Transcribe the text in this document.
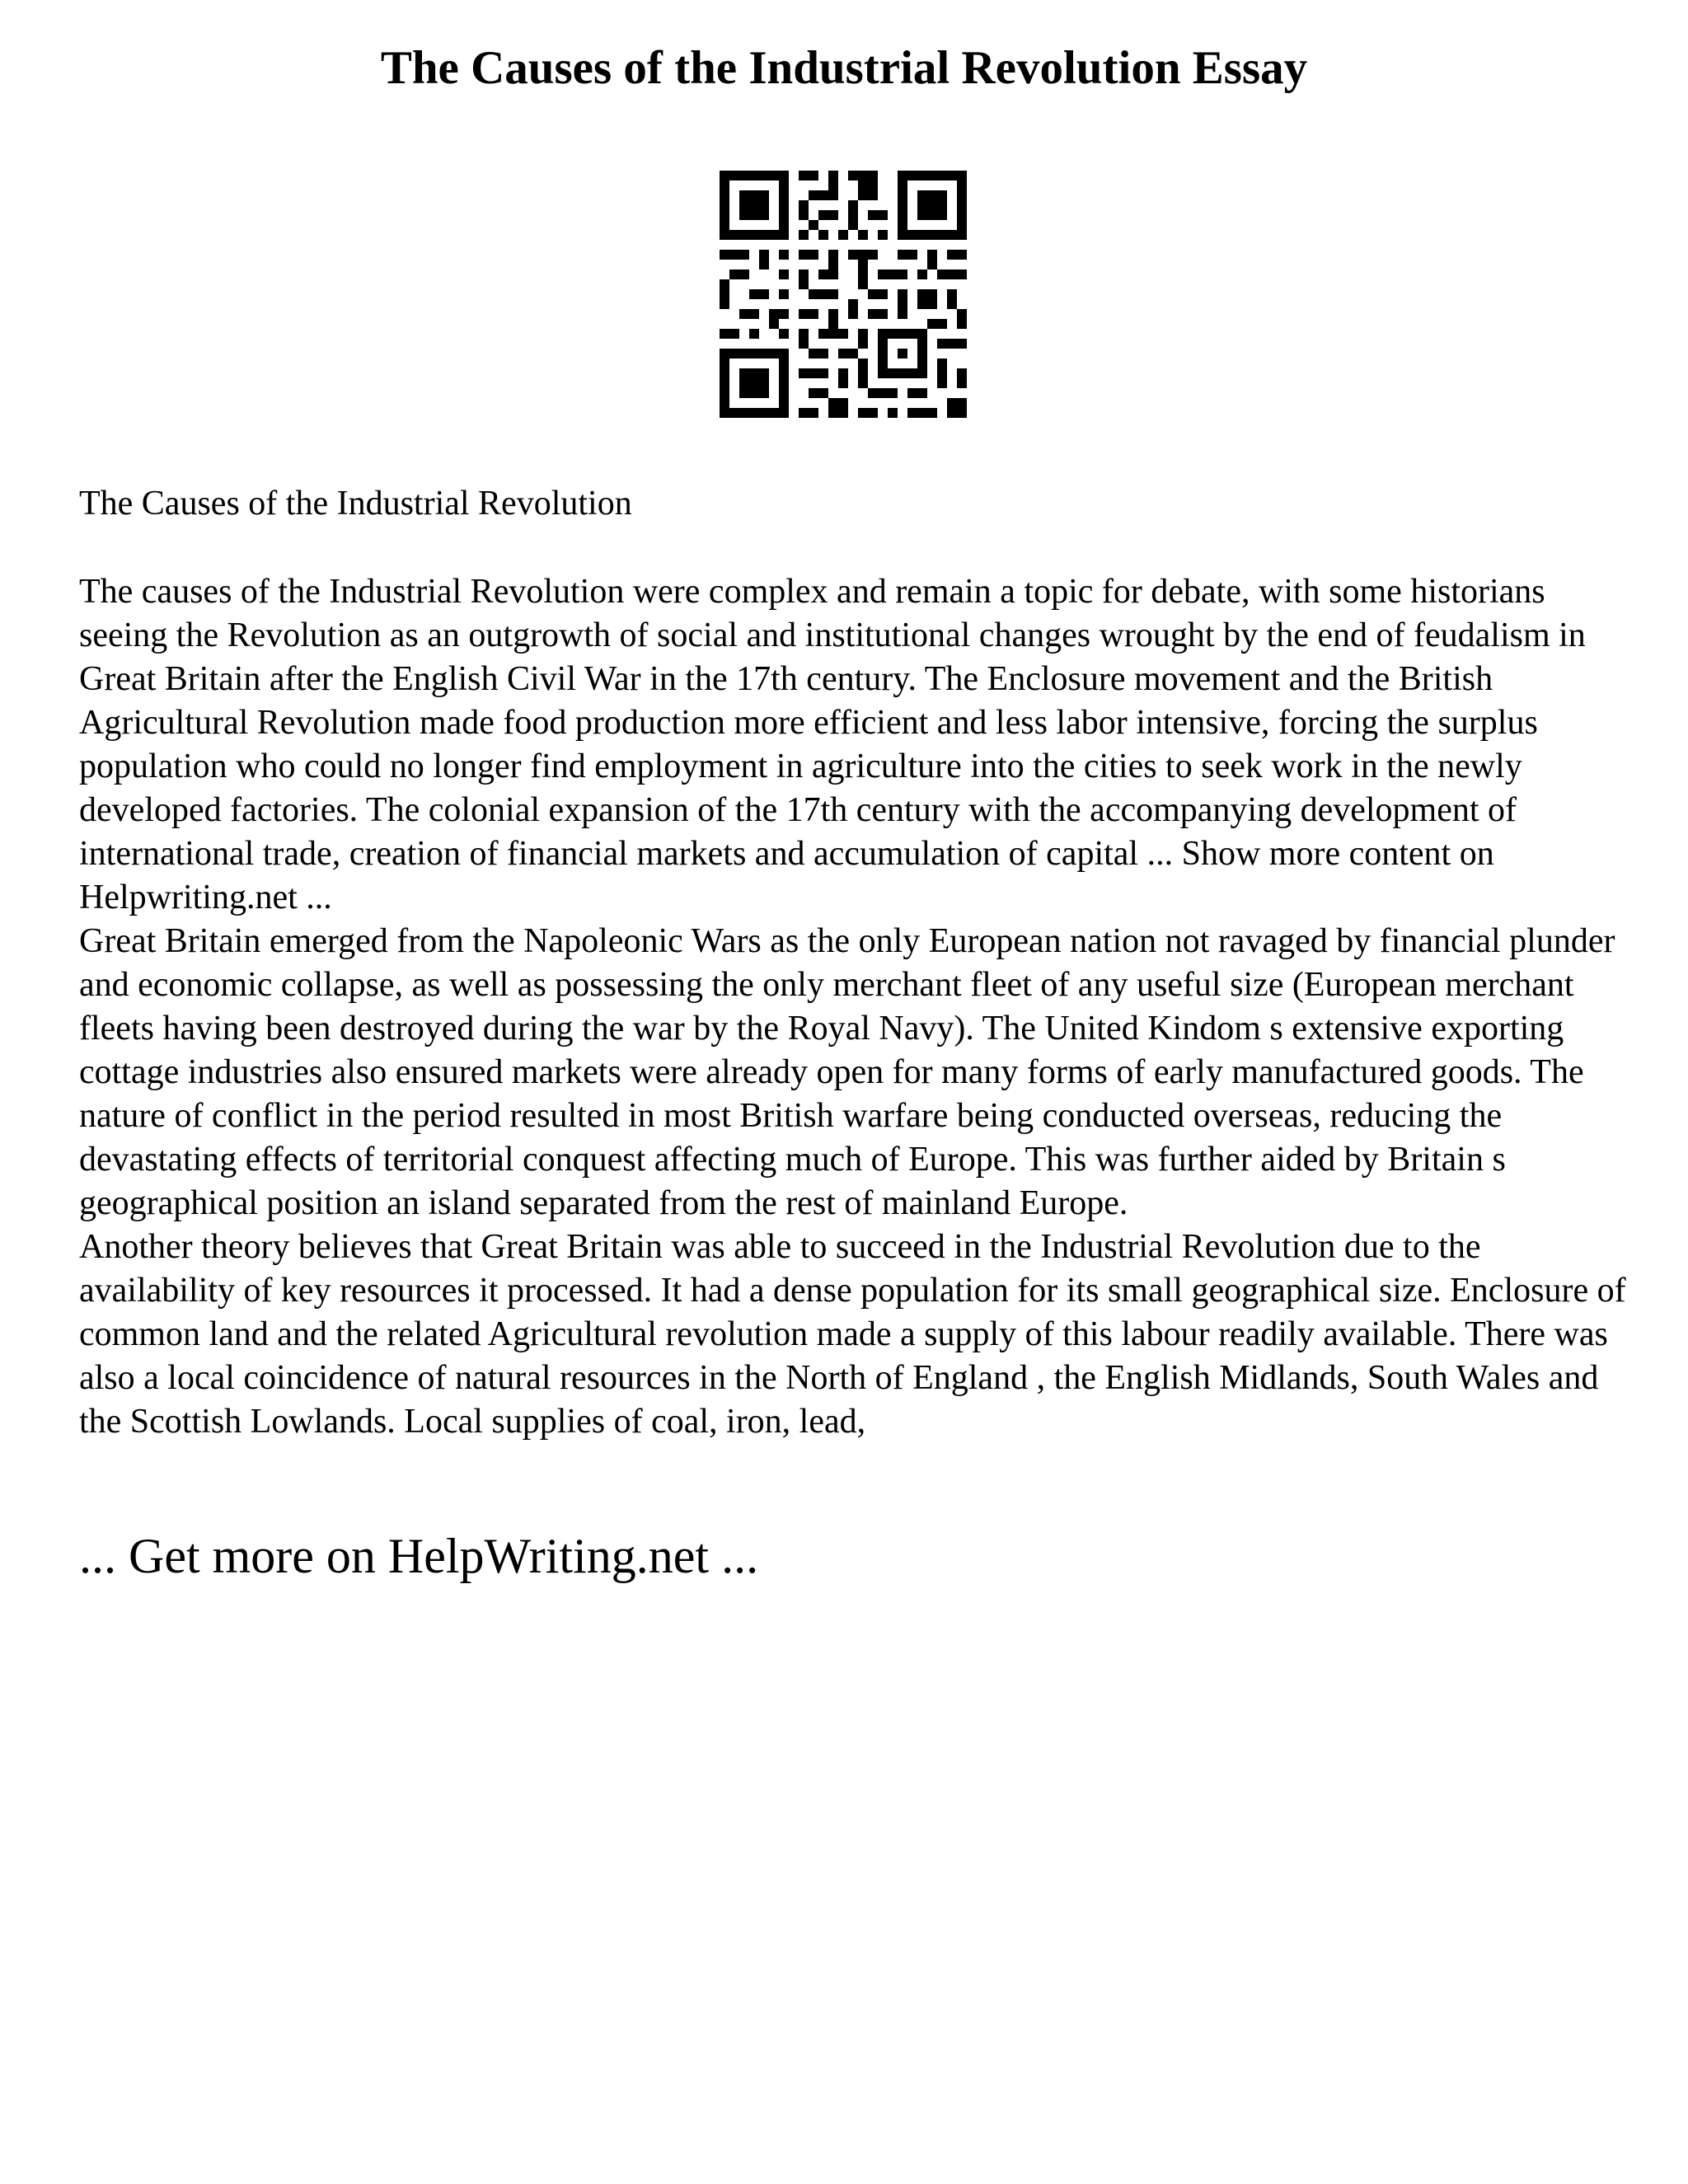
The Causes of the Industrial Revolution Essay

The Causes of the Industrial Revolution

The causes of the Industrial Revolution were complex and remain a topic for debate, with some historians seeing the Revolution as an outgrowth of social and institutional changes wrought by the end of feudalism in Great Britain after the English Civil War in the 17th century. The Enclosure movement and the British Agricultural Revolution made food production more efficient and less labor intensive, forcing the surplus population who could no longer find employment in agriculture into the cities to seek work in the newly developed factories. The colonial expansion of the 17th century with the accompanying development of international trade, creation of financial markets and accumulation of capital ... Show more content on Helpwriting.net ...

Great Britain emerged from the Napoleonic Wars as the only European nation not ravaged by financial plunder and economic collapse, as well as possessing the only merchant fleet of any useful size (European merchant fleets having been destroyed during the war by the Royal Navy). The United Kindom s extensive exporting cottage industries also ensured markets were already open for many forms of early manufactured goods. The nature of conflict in the period resulted in most British warfare being conducted overseas, reducing the devastating effects of territorial conquest affecting much of Europe. This was further aided by Britain s geographical position an island separated from the rest of mainland Europe.

Another theory believes that Great Britain was able to succeed in the Industrial Revolution due to the availability of key resources it processed. It had a dense population for its small geographical size. Enclosure of common land and the related Agricultural revolution made a supply of this labour readily available. There was also a local coincidence of natural resources in the North of England , the English Midlands, South Wales and the Scottish Lowlands. Local supplies of coal, iron, lead,

... Get more on HelpWriting.net ...
